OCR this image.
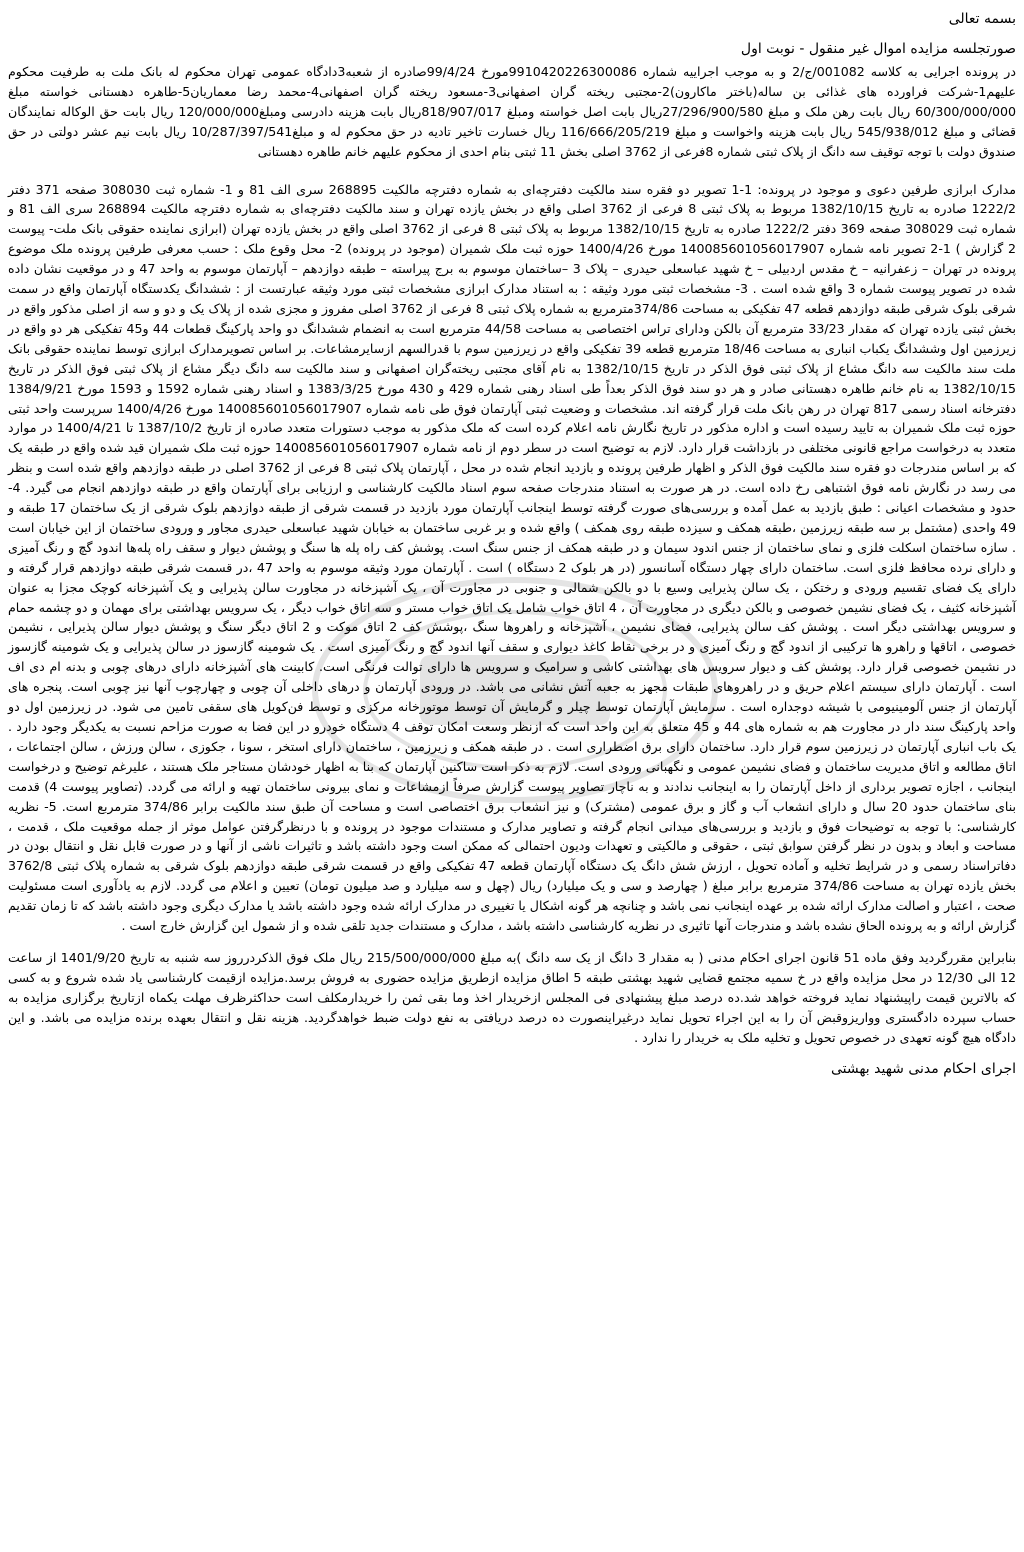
بسمه تعالی

صورتجلسه مزایده اموال غیر منقول - نوبت اول

در پرونده اجرایی به کلاسه 001082/ج/2 و به موجب اجراییه شماره 9910420226300086مورخ 99/4/24صادره از شعبه3دادگاه عمومی تهران محکوم له بانک ملت به طرفیت محکوم علیهم1-شرکت فراورده های غذائی بن ساله(باختر ماکارون)2-مجتبی ریخته گران اصفهانی3-مسعود ریخته گران اصفهانی4-محمد رضا معماریان5-طاهره دهستانی خواسته مبلغ 60/300/000/000 ریال بابت رهن ملک و مبلغ 27/296/900/580ریال بابت اصل خواسته ومبلغ 818/907/017ریال بابت هزینه دادرسی ومبلغ120/000/000 ریال بابت حق الوکاله نمایندگان قضائی و مبلغ 545/938/012 ریال بابت هزینه واخواست و مبلغ 116/666/205/219 ریال خسارت تاخیر تادیه در حق محکوم له و مبلغ10/287/397/541 ریال بابت نیم عشر دولتی در حق صندوق دولت با توجه توقیف سه دانگ از پلاک ثبتی شماره 8فرعی از 3762 اصلی بخش 11 ثبتی بنام احدی از محکوم علیهم خانم طاهره دهستانی

مدارک ابرازی طرفین دعوی و موجود در پرونده: 1-1 تصویر دو فقره سند مالکیت دفترچه‌ای به شماره دفترچه مالکیت 268895 سری الف 81 و 1- شماره ثبت 308030 صفحه 371 دفتر 1222/2 صادره به تاریخ 1382/10/15 مربوط به پلاک ثبتی 8 فرعی از 3762 اصلی واقع در بخش یازده تهران و سند مالکیت دفترچه‌ای به شماره دفترچه مالکیت 268894 سری الف 81 و شماره ثبت 308029 صفحه 369 دفتر 1222/2 صادره به تاریخ 1382/10/15 مربوط به پلاک ثبتی 8 فرعی از 3762 اصلی واقع در بخش یازده تهران (ابرازی نماینده حقوقی بانک ملت- پیوست 2 گزارش ) 1-2 تصویر نامه شماره 140085601056017907 مورخ 1400/4/26 حوزه ثبت ملک شمیران (موجود در پرونده) 2- محل وقوع ملک : حسب معرفی طرفین پرونده ملک موضوع پرونده در تهران – زعفرانیه – خ مقدس اردبیلی – خ شهید عباسعلی حیدری – پلاک 3 –ساختمان موسوم به برج پیراسته – طبقه دوازدهم – آپارتمان موسوم به واحد 47 و در موقعیت نشان داده شده در تصویر پیوست شماره 3 واقع شده است . 3- مشخصات ثبتی مورد وثیقه : به استناد مدارک ابرازی مشخصات ثبتی مورد وثیقه عبارتست از : ششدانگ یکدستگاه آپارتمان واقع در سمت شرقی بلوک شرقی طبقه دوازدهم قطعه 47 تفکیکی به مساحت 374/86مترمربع به شماره پلاک ثبتی 8 فرعی از 3762 اصلی مفروز و مجزی شده از پلاک یک و دو و سه از اصلی مذکور واقع در بخش ثبتی یازده تهران که مقدار 33/23 مترمربع آن بالکن ودارای تراس اختصاصی به مساحت 44/58 مترمربع است به انضمام ششدانگ دو واحد پارکینگ قطعات 44 و45 تفکیکی هر دو واقع در زیرزمین اول وششدانگ یکباب انباری به مساحت 18/46 مترمربع قطعه 39 تفکیکی واقع در زیرزمین سوم با قدرالسهم ازسایرمشاعات. بر اساس تصویرمدارک ابرازی توسط نماینده حقوقی بانک ملت سند مالکیت سه دانگ مشاع از پلاک ثبتی فوق الذکر در تاریخ 1382/10/15 به نام آقای مجتبی ریخته‌گران اصفهانی و سند مالکیت سه دانگ دیگر مشاع از پلاک ثبتی فوق الذکر در تاریخ 1382/10/15 به نام خانم طاهره دهستانی صادر و هر دو سند فوق الذکر بعداً طی اسناد رهنی شماره 429 و 430 مورخ 1383/3/25 و اسناد رهنی شماره 1592 و 1593 مورخ 1384/9/21 دفترخانه اسناد رسمی 817 تهران در رهن بانک ملت قرار گرفته اند. مشخصات و وضعیت ثبتی آپارتمان فوق طی نامه شماره 140085601056017907 مورخ 1400/4/26 سرپرست واحد ثبتی حوزه ثبت ملک شمیران به تایید رسیده است و اداره مذکور در تاریخ نگارش نامه اعلام کرده است که ملک مذکور به موجب دستورات متعدد صادره از تاریخ 1387/10/2 تا 1400/4/21 در موارد متعدد به درخواست مراجع قانونی مختلفی در بازداشت قرار دارد. لازم به توضیح است در سطر دوم از نامه شماره 140085601056017907 حوزه ثبت ملک شمیران قید شده واقع در طبقه یک که بر اساس مندرجات دو فقره سند مالکیت فوق الذکر و اظهار طرفین پرونده و بازدید انجام شده در محل ، آپارتمان پلاک ثبتی 8 فرعی از 3762 اصلی در طبقه دوازدهم واقع شده است و بنظر می رسد در نگارش نامه فوق اشتباهی رخ داده است. در هر صورت به استناد مندرجات صفحه سوم اسناد مالکیت کارشناسی و ارزیابی برای آپارتمان واقع در طبقه دوازدهم انجام می گیرد. 4- حدود و مشخصات اعیانی : طبق بازدید به عمل آمده و بررسی‌های صورت گرفته توسط اینجانب آپارتمان مورد بازدید در قسمت شرقی از طبقه دوازدهم بلوک شرقی از یک ساختمان 17 طبقه و 49 واحدی (مشتمل بر سه طبقه زیرزمین ،طبقه همکف و سیزده طبقه روی همکف ) واقع شده و بر غربی ساختمان به خیابان شهید عباسعلی حیدری مجاور و ورودی ساختمان از این خیابان است . سازه ساختمان اسکلت فلزی و نمای ساختمان از جنس اندود سیمان و در طبقه همکف از جنس سنگ است. پوشش کف راه پله ها سنگ و پوشش دیوار و سقف راه پله‌ها اندود گچ و رنگ آمیزی و دارای نرده محافظ فلزی است. ساختمان دارای چهار دستگاه آسانسور (در هر بلوک 2 دستگاه ) است . آپارتمان مورد وثیقه موسوم به واحد 47 ،در قسمت شرقی طبقه دوازدهم قرار گرفته و دارای یک فضای تقسیم ورودی و رختکن ، یک سالن پذیرایی وسیع با دو بالکن شمالی و جنوبی در مجاورت آن ، یک آشپزخانه در مجاورت سالن پذیرایی و یک آشپزخانه کوچک مجزا به عنوان آشپزخانه کثیف ، یک فضای نشیمن خصوصی و بالکن دیگری در مجاورت آن ، 4 اتاق خواب شامل یک اتاق خواب مستر و سه اتاق خواب دیگر ، یک سرویس بهداشتی برای مهمان و دو چشمه حمام و سرویس بهداشتی دیگر است . پوشش کف سالن پذیرایی، فضای نشیمن ، آشپزخانه و راهروها سنگ ،پوشش کف 2 اتاق موکت و 2 اتاق دیگر سنگ و پوشش دیوار سالن پذیرایی ، نشیمن خصوصی ، اتاقها و راهرو ها ترکیبی از اندود گچ و رنگ آمیزی و در برخی نقاط کاغذ دیواری و سقف آنها اندود گچ و رنگ آمیزی است . یک شومینه گازسوز در سالن پذیرایی و یک شومینه گازسوز در نشیمن خصوصی قرار دارد. پوشش کف و دیوار سرویس های بهداشتی کاشی و سرامیک و سرویس ها دارای توالت فرنگی است. کابینت های آشپزخانه دارای درهای چوبی و بدنه ام دی اف است . آپارتمان دارای سیستم اعلام حریق و در راهروهای طبقات مجهز به جعبه آتش نشانی می باشد. در ورودی آپارتمان و درهای داخلی آن چوبی و چهارچوب آنها نیز چوبی است. پنجره های آپارتمان از جنس آلومینیومی با شیشه دوجداره است . سرمایش آپارتمان توسط چیلر و گرمایش آن توسط موتورخانه مرکزی و توسط فن‌کویل های سقفی تامین می شود. در زیرزمین اول دو واحد پارکینگ سند دار در مجاورت هم به شماره های 44 و 45 متعلق به این واحد است که ازنظر وسعت امکان توقف 4 دستگاه خودرو در این فضا به صورت مزاحم نسبت به یکدیگر وجود دارد . یک باب انباری آپارتمان در زیرزمین سوم قرار دارد. ساختمان دارای برق اضطراری است . در طبقه همکف و زیرزمین ، ساختمان دارای استخر ، سونا ، جکوزی ، سالن ورزش ، سالن اجتماعات ، اتاق مطالعه و اتاق مدیریت ساختمان و فضای نشیمن عمومی و نگهبانی ورودی است. لازم به ذکر است ساکنین آپارتمان که بنا به اظهار خودشان مستاجر ملک هستند ، علیرغم توضیح و درخواست اینجانب ، اجازه تصویر برداری از داخل آپارتمان را به اینجانب ندادند و به ناچار تصاویر پیوست گزارش صرفاً ازمشاعات و نمای بیرونی ساختمان تهیه و ارائه می گردد. (تصاویر پیوست 4) قدمت بنای ساختمان حدود 20 سال و دارای انشعاب آب و گاز و برق عمومی (مشترک) و نیز انشعاب برق اختصاصی است و مساحت آن طبق سند مالکیت برابر 374/86 مترمربع است. 5- نظریه کارشناسی: با توجه به توضیحات فوق و بازدید و بررسی‌های میدانی انجام گرفته و تصاویر مدارک و مستندات موجود در پرونده و با درنظرگرفتن عوامل موثر از جمله موقعیت ملک ، قدمت ، مساحت و ابعاد و بدون در نظر گرفتن سوابق ثبتی ، حقوقی و مالکیتی و تعهدات ودیون احتمالی که ممکن است وجود داشته باشد و تاثیرات ناشی از آنها و در صورت قابل نقل و انتقال بودن در دفاتراسناد رسمی و در شرایط تخلیه و آماده تحویل ، ارزش شش دانگ یک دستگاه آپارتمان قطعه 47 تفکیکی واقع در قسمت شرقی طبقه دوازدهم بلوک شرقی به شماره پلاک ثبتی 3762/8 بخش یازده تهران به مساحت 374/86 مترمربع برابر مبلغ ( چهارصد و سی و یک میلیارد) ریال (چهل و سه میلیارد و صد میلیون تومان) تعیین و اعلام می گردد. لازم به یادآوری است مسئولیت صحت ، اعتبار و اصالت مدارک ارائه شده بر عهده اینجانب نمی باشد و چنانچه هر گونه اشکال یا تغییری در مدارک ارائه شده وجود داشته باشد یا مدارک دیگری وجود داشته باشد که تا زمان تقدیم گزارش ارائه و به پرونده الحاق نشده باشد و مندرجات آنها تاثیری در نظریه کارشناسی داشته باشد ، مدارک و مستندات جدید تلقی شده و از شمول این گزارش خارج است .

بنابراین مقررگردید وفق ماده 51 قانون اجرای احکام مدنی ( به مقدار 3 دانگ از یک سه دانگ )به مبلغ 215/500/000/000 ریال ملک فوق الذکردرروز سه شنبه به تاریخ 1401/9/20 از ساعت 12 الی 12/30 در محل مزایده واقع در خ سمیه مجتمع قضایی شهید بهشتی طبقه 5 اطاق مزایده ازطریق مزایده حضوری به فروش برسد.مزایده ازقیمت کارشناسی یاد شده شروع و به کسی که بالاترین قیمت راپیشنهاد نماید فروخته خواهد شد.ده درصد مبلغ پیشنهادی فی المجلس ازخریدار اخذ وما بقی ثمن را خریدارمکلف است حداکثرظرف مهلت یکماه ازتاریخ برگزاری مزایده به حساب سپرده دادگستری وواریزوقبض آن را به این اجراء تحویل نماید درغیراینصورت ده درصد دریافتی به نفع دولت ضبط خواهدگردید. هزینه نقل و انتقال بعهده برنده مزایده می باشد. و این دادگاه هیچ گونه تعهدی در خصوص تحویل و تخلیه ملک به خریدار را ندارد .

اجرای احکام مدنی شهید بهشتی
